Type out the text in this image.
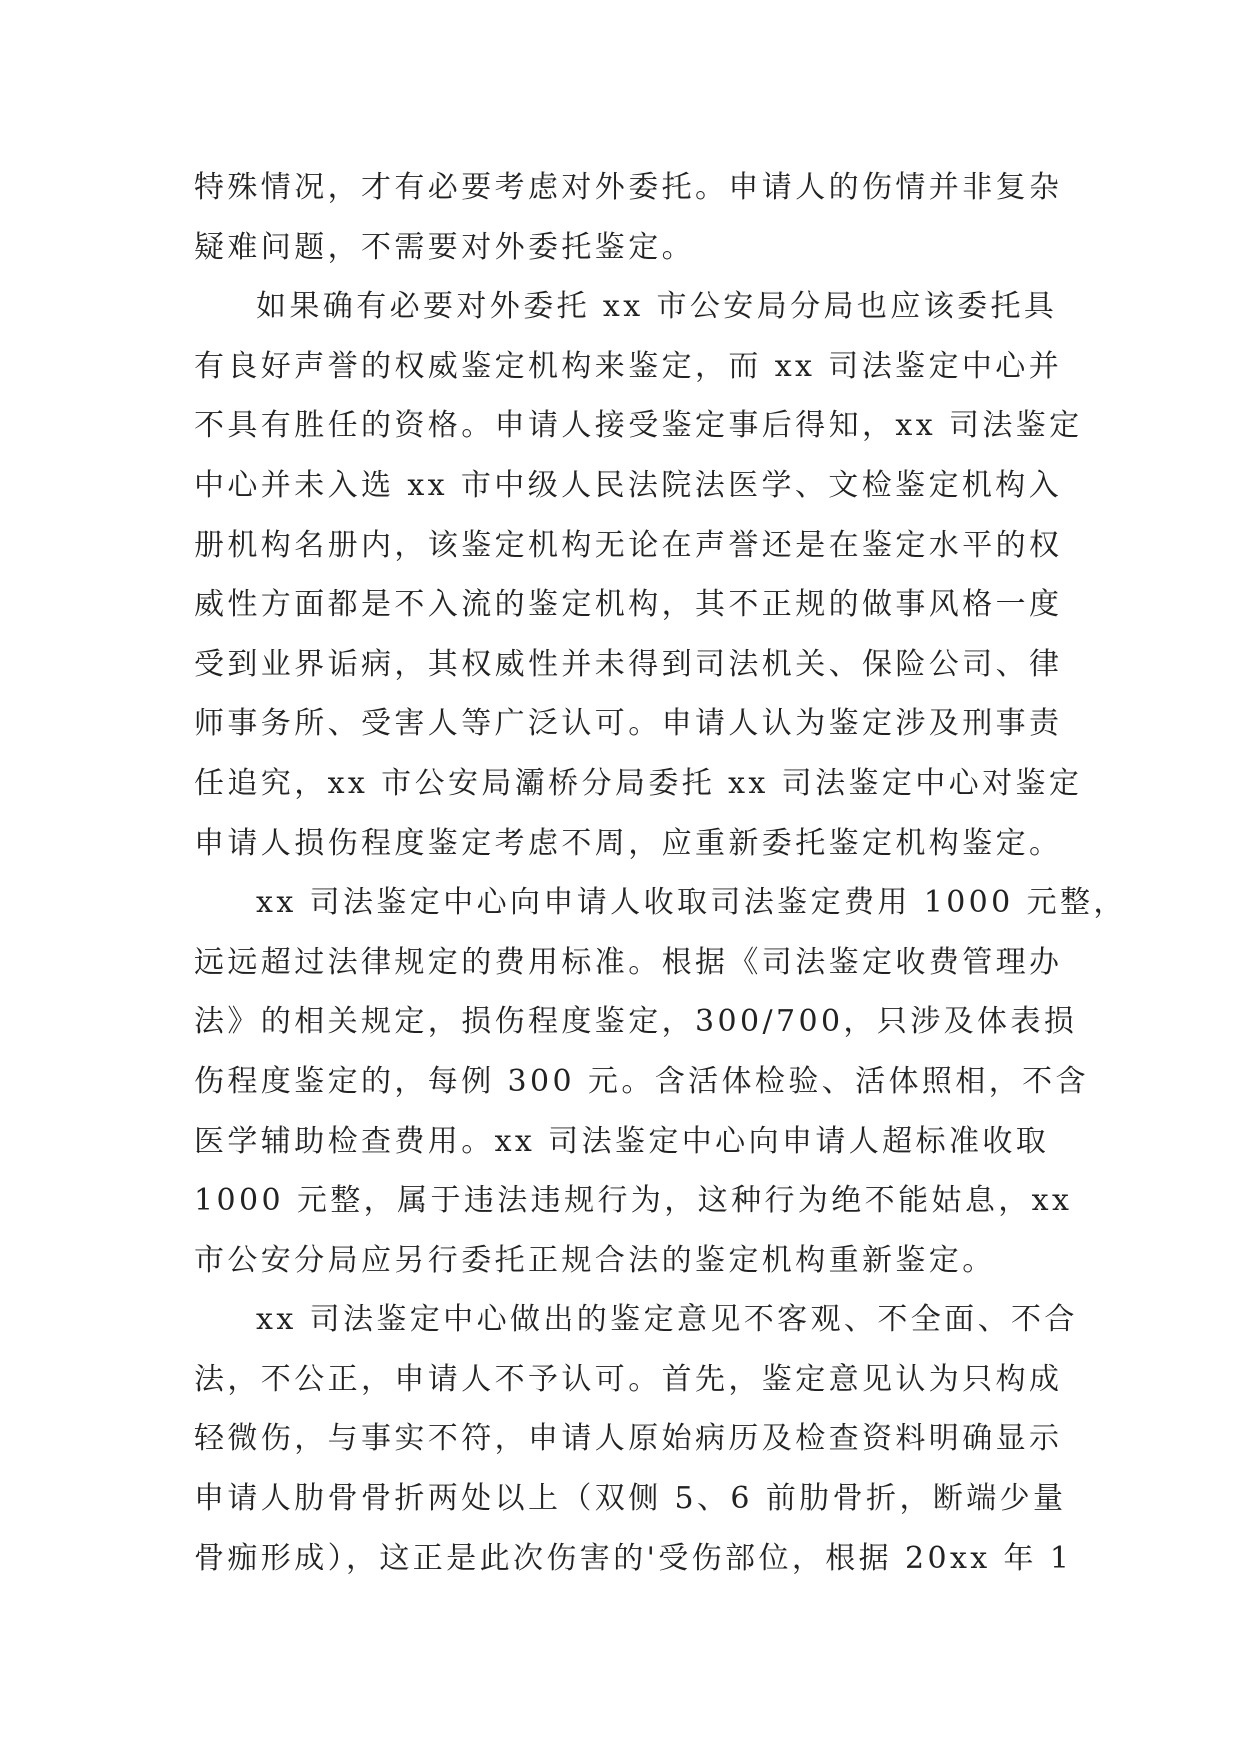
特殊情况，才有必要考虑对外委托。申请人的伤情并非复杂
疑难问题，不需要对外委托鉴定。
如果确有必要对外委托 xx 市公安局分局也应该委托具
有良好声誉的权威鉴定机构来鉴定，而 xx 司法鉴定中心并
不具有胜任的资格。申请人接受鉴定事后得知，xx 司法鉴定
中心并未入选 xx 市中级人民法院法医学、文检鉴定机构入
册机构名册内，该鉴定机构无论在声誉还是在鉴定水平的权
威性方面都是不入流的鉴定机构，其不正规的做事风格一度
受到业界诟病，其权威性并未得到司法机关、保险公司、律
师事务所、受害人等广泛认可。申请人认为鉴定涉及刑事责
任追究，xx 市公安局灞桥分局委托 xx 司法鉴定中心对鉴定
申请人损伤程度鉴定考虑不周，应重新委托鉴定机构鉴定。
xx 司法鉴定中心向申请人收取司法鉴定费用 1000 元整，
远远超过法律规定的费用标准。根据《司法鉴定收费管理办
法》的相关规定，损伤程度鉴定，300/700，只涉及体表损
伤程度鉴定的，每例 300 元。含活体检验、活体照相，不含
医学辅助检查费用。xx 司法鉴定中心向申请人超标准收取
1000 元整，属于违法违规行为，这种行为绝不能姑息，xx
市公安分局应另行委托正规合法的鉴定机构重新鉴定。
xx 司法鉴定中心做出的鉴定意见不客观、不全面、不合
法，不公正，申请人不予认可。首先，鉴定意见认为只构成
轻微伤，与事实不符，申请人原始病历及检查资料明确显示
申请人肋骨骨折两处以上（双侧 5、6 前肋骨折，断端少量
骨痂形成），这正是此次伤害的'受伤部位，根据 20xx 年 1
